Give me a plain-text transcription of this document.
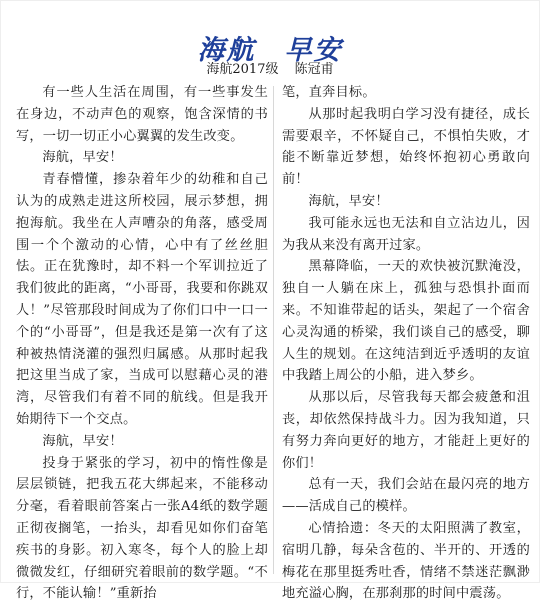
海航　早安
海航2017级 陈冠甫

有一些人生活在周围，有一些事发生在身边，不动声色的观察，饱含深情的书写，一切一切正小心翼翼的发生改变。

海航，早安！

青春懵懂，掺杂着年少的幼稚和自己认为的成熟走进这所校园，展示梦想，拥抱海航。我坐在人声嘈杂的角落，感受周围一个个激动的心情，心中有了丝丝胆怯。正在犹豫时，却不料一个军训拉近了我们彼此的距离，“小哥哥，我要和你跳双人！”尽管那段时间成为了你们口中一口一个的“小哥哥”，但是我还是第一次有了这种被热情浇灌的强烈归属感。从那时起我把这里当成了家，当成可以慰藉心灵的港湾，尽管我们有着不同的航线。但是我开始期待下一个交点。

海航，早安！

投身于紧张的学习，初中的惰性像是层层锁链，把我五花大绑起来，不能移动分毫，看着眼前答案占一张A4纸的数学题正彻夜搁笔，一抬头，却看见如你们奋笔疾书的身影。初入寒冬，每个人的脸上却微微发红，仔细研究着眼前的数学题。“不行，不能认输！”重新抬

笔，直奔目标。

从那时起我明白学习没有捷径，成长需要艰辛，不怀疑自己，不惧怕失败，才能不断靠近梦想，始终怀抱初心勇敢向前！

海航，早安！

我可能永远也无法和自立沾边儿，因为我从来没有离开过家。

黑幕降临，一天的欢快被沉默淹没，独自一人躺在床上，孤独与恐惧扑面而来。不知谁带起的话头，架起了一个宿舍心灵沟通的桥梁，我们谈自己的感受，聊人生的规划。在这纯洁到近乎透明的友谊中我踏上周公的小船，进入梦乡。

从那以后，尽管我每天都会疲惫和沮丧，却依然保持战斗力。因为我知道，只有努力奔向更好的地方，才能赶上更好的你们！

总有一天，我们会站在最闪亮的地方——活成自己的模样。

心情拾遗：冬天的太阳照满了教室，宿明几静，每朵含苞的、半开的、开透的梅花在那里挺秀吐香，情绪不禁迷茫飘渺地充溢心胸，在那刹那的时间中震荡。
